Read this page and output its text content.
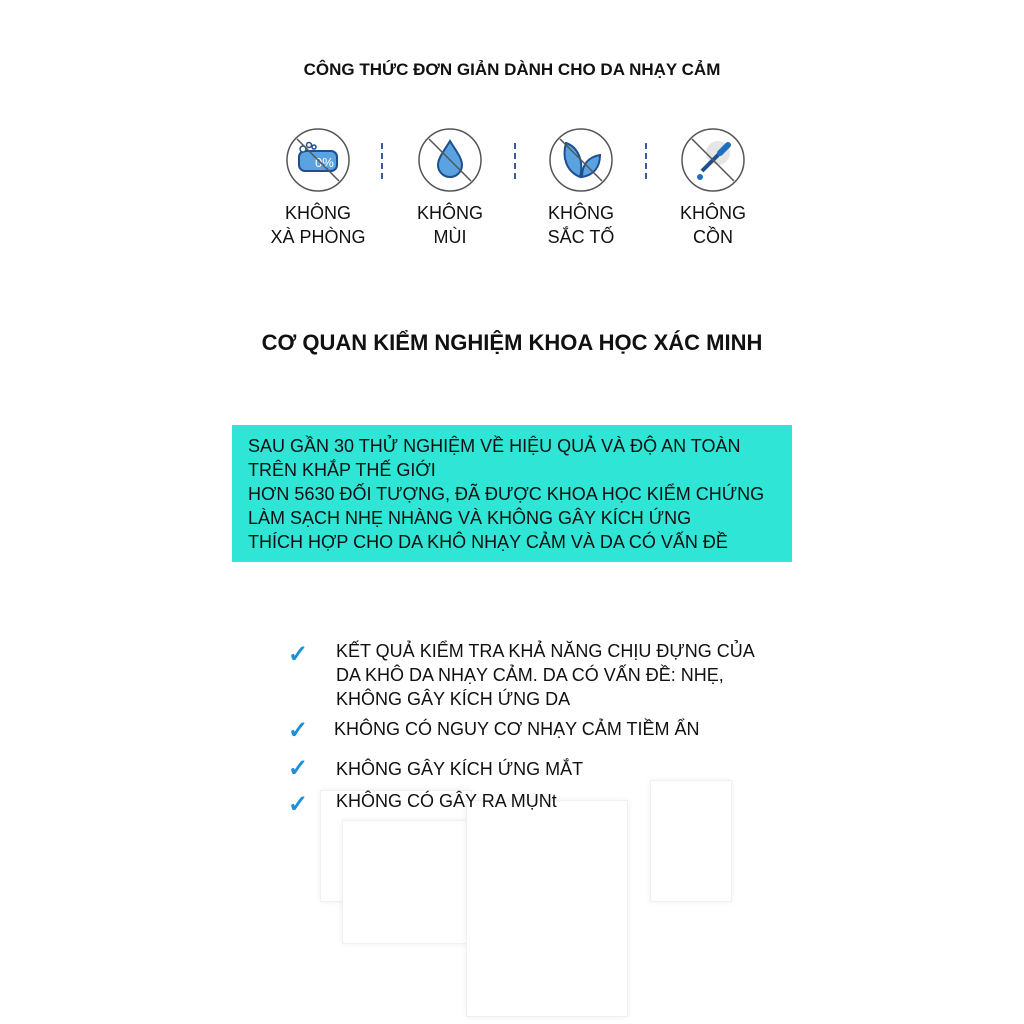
CÔNG THỨC ĐƠN GIẢN DÀNH CHO DA NHẠY CẢM
0%
KHÔNG
XÀ PHÒNG
KHÔNG
MÙI
KHÔNG
SẮC TỐ
KHÔNG
CỒN
CƠ QUAN KIỂM NGHIỆM KHOA HỌC XÁC MINH
SAU GẦN 30 THỬ NGHIỆM VỀ HIỆU QUẢ VÀ ĐỘ AN TOÀN
TRÊN KHẮP THẾ GIỚI
HƠN 5630 ĐỐI TƯỢNG, ĐÃ ĐƯỢC KHOA HỌC KIỂM CHỨNG
LÀM SẠCH NHẸ NHÀNG VÀ KHÔNG GÂY KÍCH ỨNG
THÍCH HỢP CHO DA KHÔ NHẠY CẢM VÀ DA CÓ VẤN ĐỀ
✓ KẾT QUẢ KIỂM TRA KHẢ NĂNG CHỊU ĐỰNG CỦA DA KHÔ DA NHẠY CẢM. DA CÓ VẤN ĐỀ: NHẸ, KHÔNG GÂY KÍCH ỨNG DA
✓ KHÔNG CÓ NGUY CƠ NHẠY CẢM TIỀM ẨN
✓ KHÔNG GÂY KÍCH ỨNG MẮT
✓ KHÔNG CÓ GÂY RA MỤNt
